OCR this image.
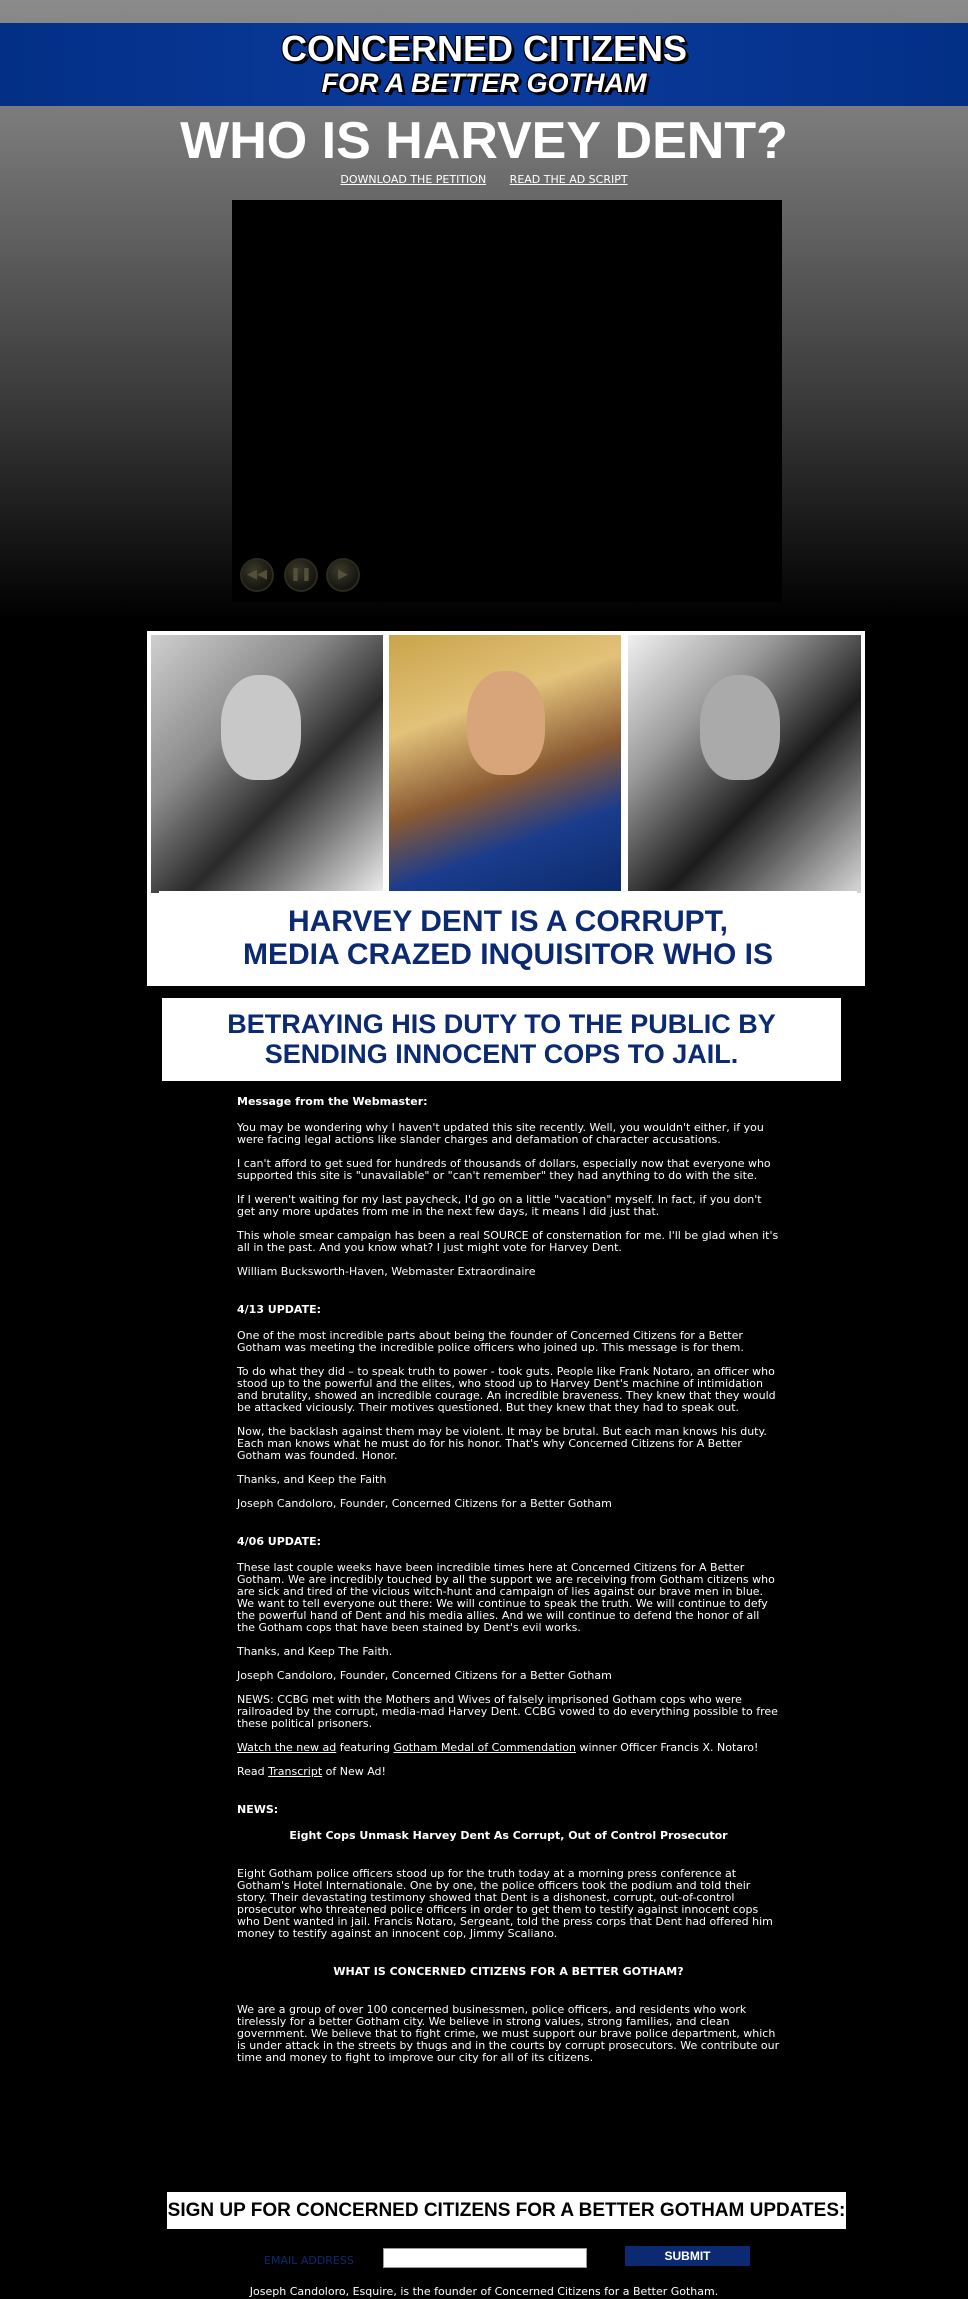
CONCERNED CITIZENS
FOR A BETTER GOTHAM
WHO IS HARVEY DENT?
DOWNLOAD THE PETITION READ THE AD SCRIPT
◀◀	❚❚	▶
HARVEY DENT IS A CORRUPT,
MEDIA CRAZED INQUISITOR WHO IS
BETRAYING HIS DUTY TO THE PUBLIC BY
SENDING INNOCENT COPS TO JAIL.

Message from the Webmaster:

You may be wondering why I haven't updated this site recently. Well, you wouldn't either, if you were facing legal actions like slander charges and defamation of character accusations.

I can't afford to get sued for hundreds of thousands of dollars, especially now that everyone who supported this site is "unavailable" or "can't remember" they had anything to do with the site.

If I weren't waiting for my last paycheck, I'd go on a little "vacation" myself. In fact, if you don't get any more updates from me in the next few days, it means I did just that.

This whole smear campaign has been a real SOURCE of consternation for me. I'll be glad when it's all in the past. And you know what? I just might vote for Harvey Dent.

William Bucksworth-Haven, Webmaster Extraordinaire

4/13 UPDATE:

One of the most incredible parts about being the founder of Concerned Citizens for a Better Gotham was meeting the incredible police officers who joined up. This message is for them.

To do what they did – to speak truth to power - took guts. People like Frank Notaro, an officer who stood up to the powerful and the elites, who stood up to Harvey Dent's machine of intimidation and brutality, showed an incredible courage. An incredible braveness. They knew that they would be attacked viciously. Their motives questioned. But they knew that they had to speak out.

Now, the backlash against them may be violent. It may be brutal. But each man knows his duty. Each man knows what he must do for his honor. That's why Concerned Citizens for A Better Gotham was founded. Honor.

Thanks, and Keep the Faith

Joseph Candoloro, Founder, Concerned Citizens for a Better Gotham

4/06 UPDATE:

These last couple weeks have been incredible times here at Concerned Citizens for A Better Gotham. We are incredibly touched by all the support we are receiving from Gotham citizens who are sick and tired of the vicious witch-hunt and campaign of lies against our brave men in blue. We want to tell everyone out there: We will continue to speak the truth. We will continue to defy the powerful hand of Dent and his media allies. And we will continue to defend the honor of all the Gotham cops that have been stained by Dent's evil works.

Thanks, and Keep The Faith.

Joseph Candoloro, Founder, Concerned Citizens for a Better Gotham

NEWS: CCBG met with the Mothers and Wives of falsely imprisoned Gotham cops who were railroaded by the corrupt, media-mad Harvey Dent. CCBG vowed to do everything possible to free these political prisoners.

Watch the new ad featuring Gotham Medal of Commendation winner Officer Francis X. Notaro!

Read Transcript of New Ad!

NEWS:

Eight Cops Unmask Harvey Dent As Corrupt, Out of Control Prosecutor

Eight Gotham police officers stood up for the truth today at a morning press conference at Gotham's Hotel Internationale. One by one, the police officers took the podium and told their story. Their devastating testimony showed that Dent is a dishonest, corrupt, out-of-control prosecutor who threatened police officers in order to get them to testify against innocent cops who Dent wanted in jail. Francis Notaro, Sergeant, told the press corps that Dent had offered him money to testify against an innocent cop, Jimmy Scaliano.

WHAT IS CONCERNED CITIZENS FOR A BETTER GOTHAM?

We are a group of over 100 concerned businessmen, police officers, and residents who work tirelessly for a better Gotham city. We believe in strong values, strong families, and clean government. We believe that to fight crime, we must support our brave police department, which is under attack in the streets by thugs and in the courts by corrupt prosecutors. We contribute our time and money to fight to improve our city for all of its citizens.

SIGN UP FOR CONCERNED CITIZENS FOR A BETTER GOTHAM UPDATES:
EMAIL ADDRESS	SUBMIT
Joseph Candoloro, Esquire, is the founder of Concerned Citizens for a Better Gotham.
